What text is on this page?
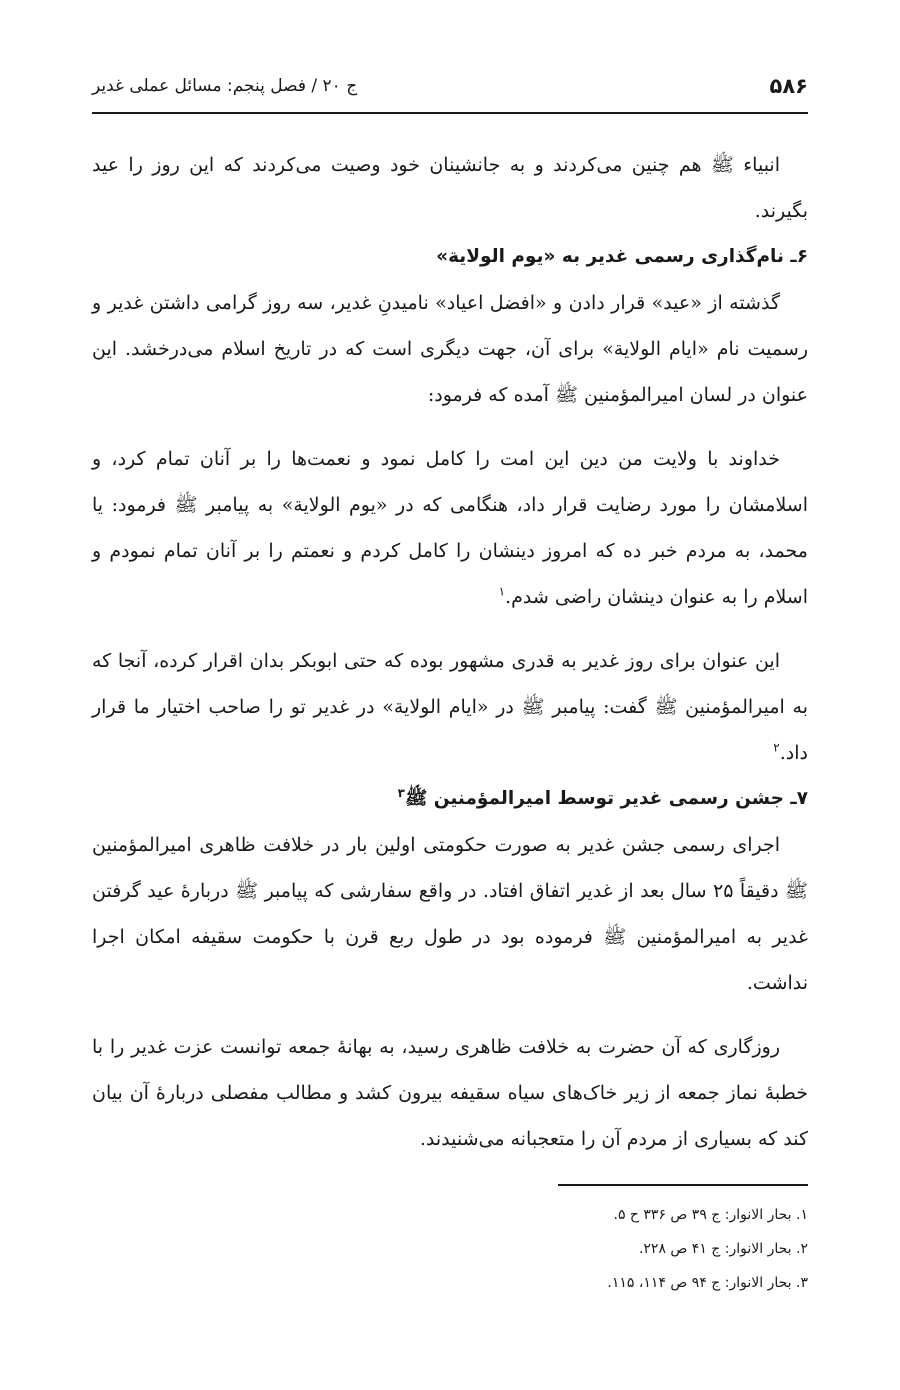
۵۸۶
ج ۲۰ / فصل پنجم: مسائل عملی غدیر

انبیاء ﷺ هم چنین می‌کردند و به جانشینان خود وصیت می‌کردند که این روز را عید بگیرند.

۶ـ نام‌گذاری رسمی غدیر به «یوم الولایة»

گذشته از «عید» قرار دادن و «افضل اعیاد» نامیدنِ غدیر، سه روز گرامی داشتن غدیر و رسمیت نام «ایام الولایة» برای آن، جهت دیگری است که در تاریخ اسلام می‌درخشد. این عنوان در لسان امیرالمؤمنین ﷺ آمده که فرمود:

خداوند با ولایت من دین این امت را کامل نمود و نعمت‌ها را بر آنان تمام کرد، و اسلامشان را مورد رضایت قرار داد، هنگامی که در «یوم الولایة» به پیامبر ﷺ فرمود: یا محمد، به مردم خبر ده که امروز دینشان را کامل کردم و نعمتم را بر آنان تمام نمودم و اسلام را به عنوان دینشان راضی شدم.$^۱$

این عنوان برای روز غدیر به قدری مشهور بوده که حتی ابوبکر بدان اقرار کرده، آنجا که به امیرالمؤمنین ﷺ گفت: پیامبر ﷺ در «ایام الولایة» در غدیر تو را صاحب اختیار ما قرار داد.$^۲$

۷ـ جشن رسمی غدیر توسط امیرالمؤمنین ﷺ$^۳$

اجرای رسمی جشن غدیر به صورت حکومتی اولین بار در خلافت ظاهری امیرالمؤمنین ﷺ دقیقاً ۲۵ سال بعد از غدیر اتفاق افتاد. در واقع سفارشی که پیامبر ﷺ دربارۀ عید گرفتن غدیر به امیرالمؤمنین ﷺ فرموده بود در طول ربع قرن با حکومت سقیفه امکان اجرا نداشت.

روزگاری که آن حضرت به خلافت ظاهری رسید، به بهانۀ جمعه توانست عزت غدیر را با خطبۀ نماز جمعه از زیر خاک‌های سیاه سقیفه بیرون کشد و مطالب مفصلی دربارۀ آن بیان کند که بسیاری از مردم آن را متعجبانه می‌شنیدند.

۱. بحار الانوار: ج ۳۹ ص ۳۳۶ ح ۵.
۲. بحار الانوار: ج ۴۱ ص ۲۲۸.
۳. بحار الانوار: ج ۹۴ ص ۱۱۴، ۱۱۵.
